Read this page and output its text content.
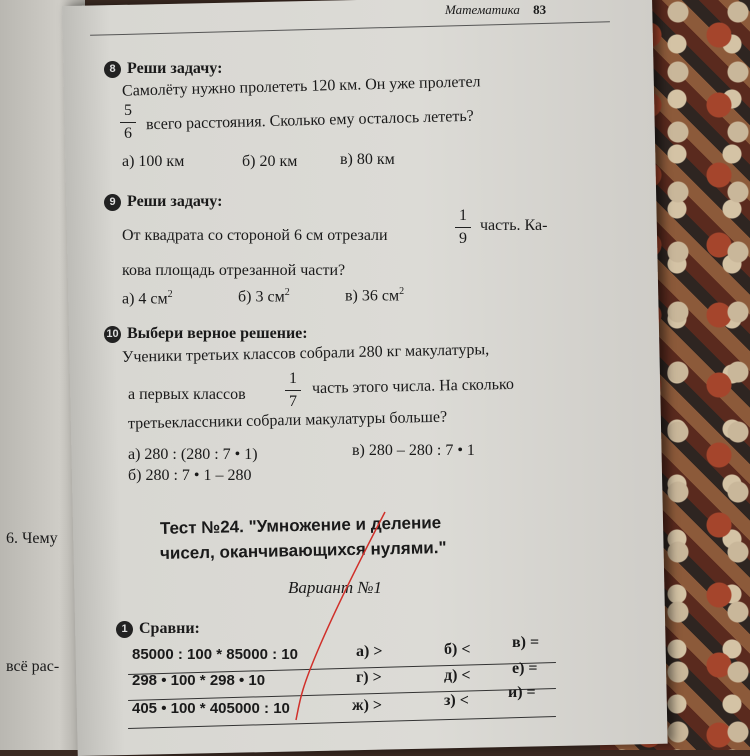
6. Чему
всё рас-
Математика 83
8 Реши задачу:
Самолёту нужно пролететь 120 км. Он уже пролетел
5
6
всего расстояния. Сколько ему осталось лететь?
а) 100 км	б) 20 км	в) 80 км
9 Реши задачу:
От квадрата со стороной 6 см отрезали
1
9
часть. Ка-
кова площадь отрезанной части?
а) 4 $см^2$	б) 3 $см^2$	в) 36 $см^2$
10 Выбери верное решение:
Ученики третьих классов собрали 280 кг макулатуры,
а первых классов
1
7
часть этого числа. На сколько
третьеклассники собрали макулатуры больше?
а) 280 : (280 : 7 • 1)
б) 280 : 7 • 1 – 280
в) 280 – 280 : 7 • 1
Тест №24. "Умножение и деление
чисел, оканчивающихся нулями."
Вариант №1
1 Сравни:
85000 : 100 * 85000 : 10	а) >	б) <	в) =
298 • 100 * 298 • 10	г) >	д) <	е) =
405 • 100 * 405000 : 10	ж) >	з) < и) =
